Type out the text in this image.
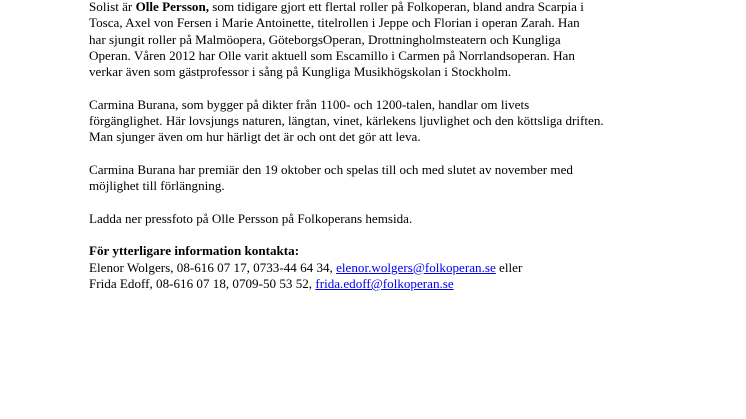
Solist är Olle Persson, som tidigare gjort ett flertal roller på Folkoperan, bland andra Scarpia i
Tosca, Axel von Fersen i Marie Antoinette, titelrollen i Jeppe och Florian i operan Zarah. Han
har sjungit roller på Malmöopera, GöteborgsOperan, Drottningholmsteatern och Kungliga
Operan. Våren 2012 har Olle varit aktuell som Escamillo i Carmen på Norrlandsoperan. Han
verkar även som gästprofessor i sång på Kungliga Musikhögskolan i Stockholm.

Carmina Burana, som bygger på dikter från 1100- och 1200-talen, handlar om livets
förgänglighet. Här lovsjungs naturen, längtan, vinet, kärlekens ljuvlighet och den köttsliga driften.
Man sjunger även om hur härligt det är och ont det gör att leva.

Carmina Burana har premiär den 19 oktober och spelas till och med slutet av november med
möjlighet till förlängning.

Ladda ner pressfoto på Olle Persson på Folkoperans hemsida.

För ytterligare information kontakta:
Elenor Wolgers, 08-616 07 17, 0733-44 64 34, elenor.wolgers@folkoperan.se eller
Frida Edoff, 08-616 07 18, 0709-50 53 52, frida.edoff@folkoperan.se
